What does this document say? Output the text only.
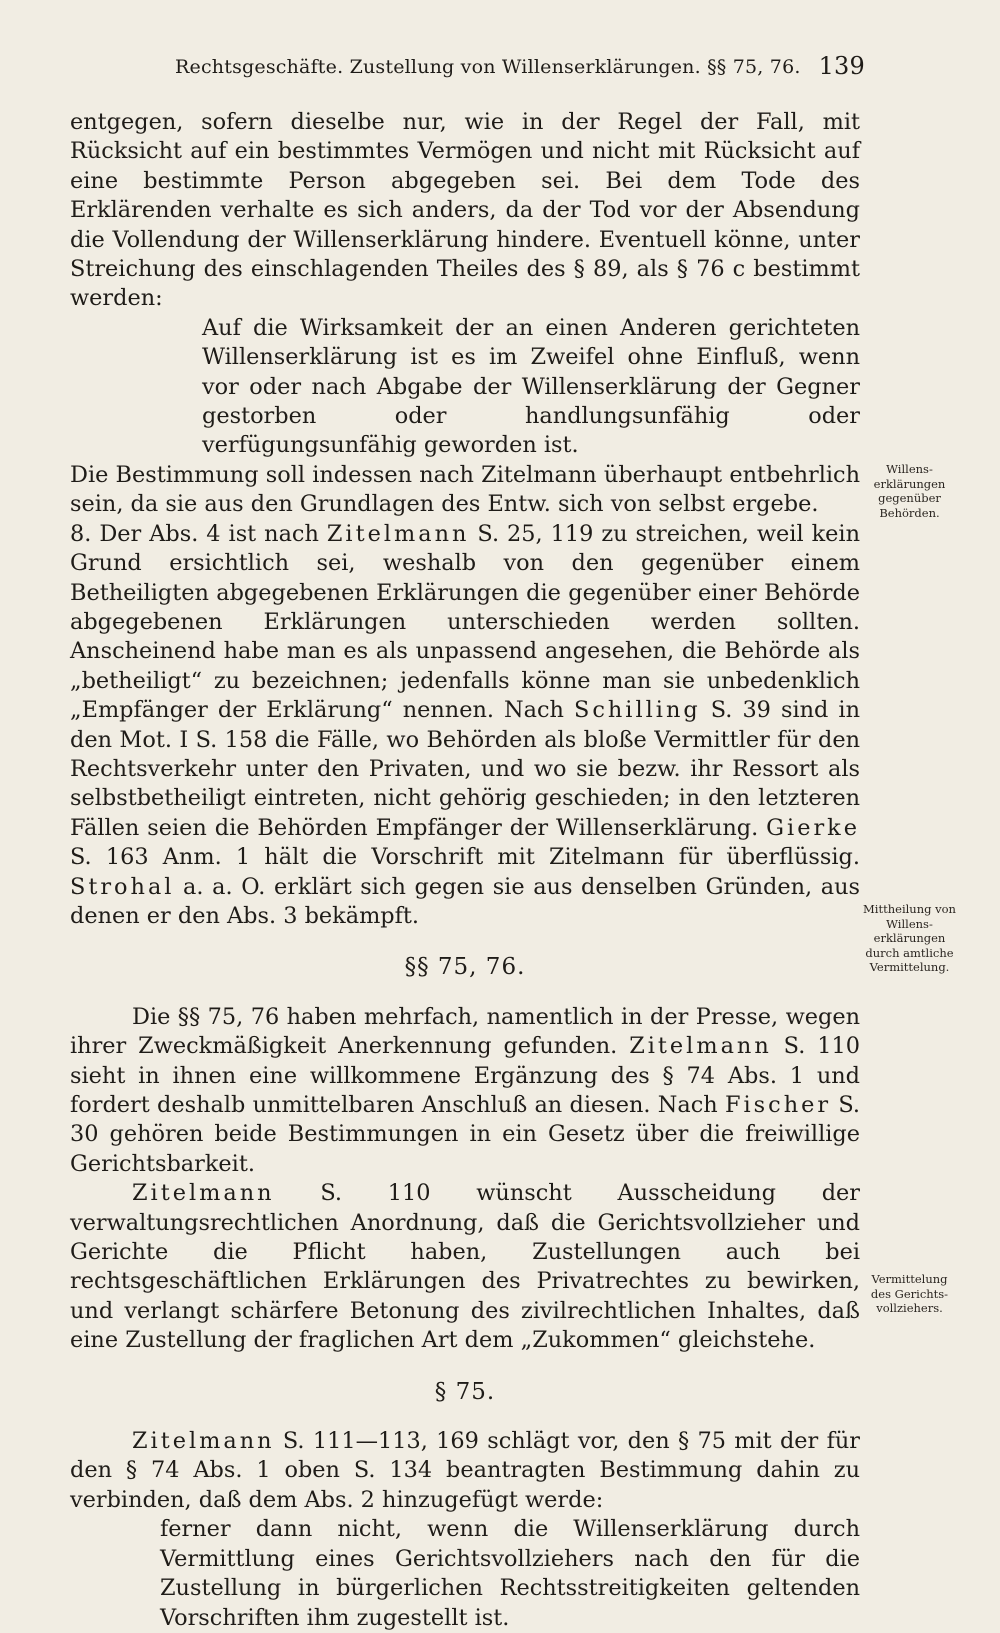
Rechtsgeschäfte. Zustellung von Willenserklärungen. §§ 75, 76. 139

entgegen, sofern dieselbe nur, wie in der Regel der Fall, mit Rücksicht auf ein bestimmtes Vermögen und nicht mit Rücksicht auf eine bestimmte Person abgegeben sei. Bei dem Tode des Erklärenden verhalte es sich anders, da der Tod vor der Absendung die Vollendung der Willenserklärung hindere. Eventuell könne, unter Streichung des einschlagenden Theiles des § 89, als § 76 c bestimmt werden:

Auf die Wirksamkeit der an einen Anderen gerichteten Willenserklärung ist es im Zweifel ohne Einfluß, wenn vor oder nach Abgabe der Willenserklärung der Gegner gestorben oder handlungsunfähig oder verfügungsunfähig geworden ist.

Die Bestimmung soll indessen nach Zitelmann überhaupt entbehrlich sein, da sie aus den Grundlagen des Entw. sich von selbst ergebe.

8. Der Abs. 4 ist nach Zitelmann S. 25, 119 zu streichen, weil kein Grund ersichtlich sei, weshalb von den gegenüber einem Betheiligten abgegebenen Erklärungen die gegenüber einer Behörde abgegebenen Erklärungen unterschieden werden sollten. Anscheinend habe man es als unpassend angesehen, die Behörde als „betheiligt“ zu bezeichnen; jedenfalls könne man sie unbedenklich „Empfänger der Erklärung“ nennen. Nach Schilling S. 39 sind in den Mot. I S. 158 die Fälle, wo Behörden als bloße Vermittler für den Rechtsverkehr unter den Privaten, und wo sie bezw. ihr Ressort als selbstbetheiligt eintreten, nicht gehörig geschieden; in den letzteren Fällen seien die Behörden Empfänger der Willenserklärung. Gierke S. 163 Anm. 1 hält die Vorschrift mit Zitelmann für überflüssig. Strohal a. a. O. erklärt sich gegen sie aus denselben Gründen, aus denen er den Abs. 3 bekämpft.

§§ 75, 76.

Die §§ 75, 76 haben mehrfach, namentlich in der Presse, wegen ihrer Zweckmäßigkeit Anerkennung gefunden. Zitelmann S. 110 sieht in ihnen eine willkommene Ergänzung des § 74 Abs. 1 und fordert deshalb unmittelbaren Anschluß an diesen. Nach Fischer S. 30 gehören beide Bestimmungen in ein Gesetz über die freiwillige Gerichtsbarkeit.

Zitelmann S. 110 wünscht Ausscheidung der verwaltungsrechtlichen Anordnung, daß die Gerichtsvollzieher und Gerichte die Pflicht haben, Zustellungen auch bei rechtsgeschäftlichen Erklärungen des Privatrechtes zu bewirken, und verlangt schärfere Betonung des zivilrechtlichen Inhaltes, daß eine Zustellung der fraglichen Art dem „Zukommen“ gleichstehe.

§ 75.

Zitelmann S. 111—113, 169 schlägt vor, den § 75 mit der für den § 74 Abs. 1 oben S. 134 beantragten Bestimmung dahin zu verbinden, daß dem Abs. 2 hinzugefügt werde:

ferner dann nicht, wenn die Willenserklärung durch Vermittlung eines Gerichtsvollziehers nach den für die Zustellung in bürgerlichen Rechtsstreitigkeiten geltenden Vorschriften ihm zugestellt ist.

Willens-erklärungen gegenüber Behörden.
Mittheilung von Willens-erklärungen durch amtliche Vermittelung.
Vermittelung des Gerichts-vollziehers.
